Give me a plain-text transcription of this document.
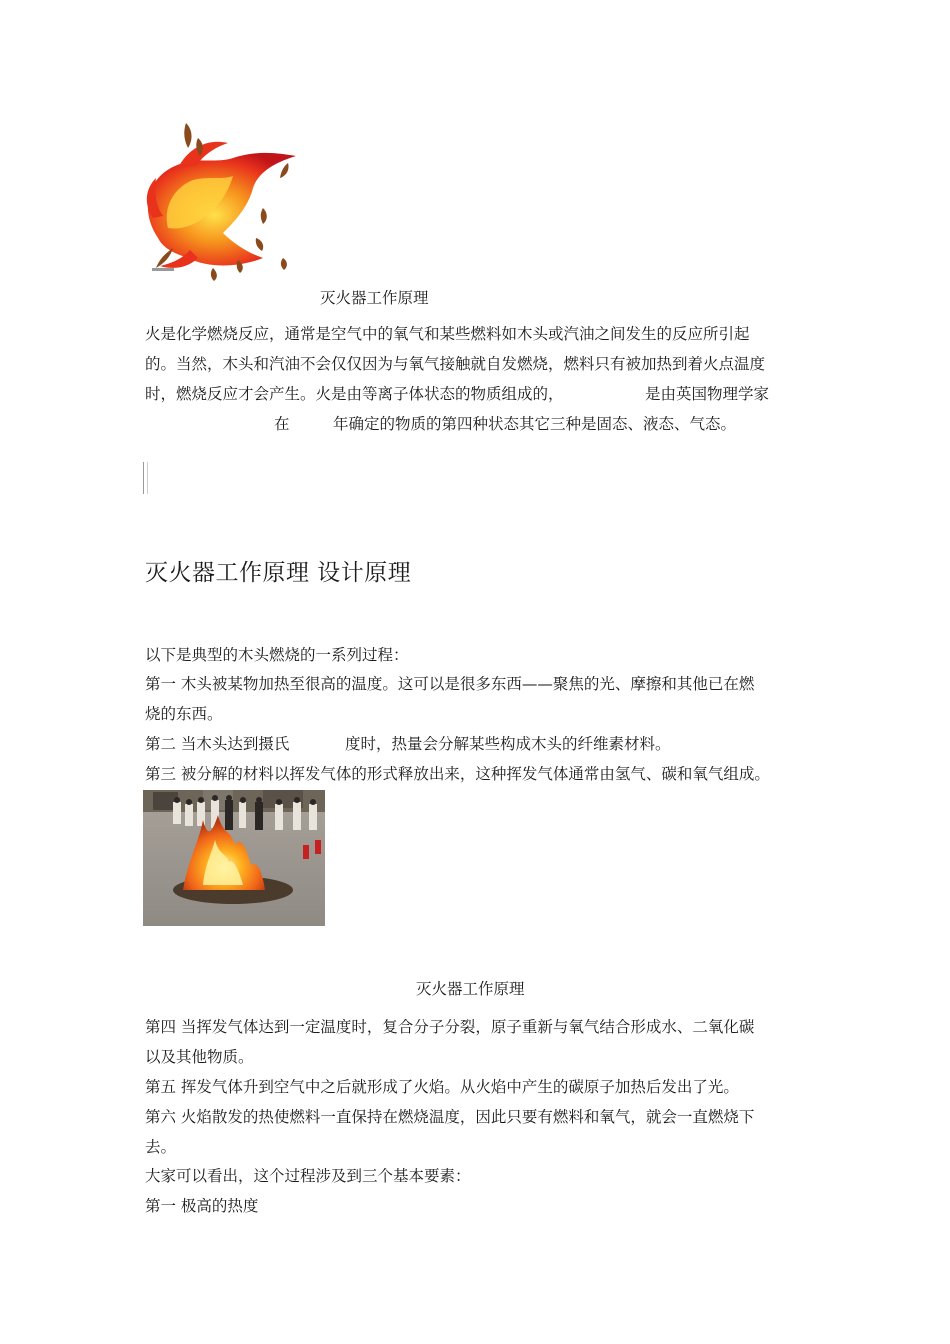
灭火器工作原理
火是化学燃烧反应，通常是空气中的氧气和某些燃料如木头或汽油之间发生的反应所引起
的。当然，木头和汽油不会仅仅因为与氧气接触就自发燃烧，燃料只有被加热到着火点温度
时，燃烧反应才会产生。火是由等离子体状态的物质组成的，	是由英国物理学家
在	年确定的物质的第四种状态其它三种是固态、液态、气态。
灭火器工作原理 设计原理
以下是典型的木头燃烧的一系列过程：
第一 木头被某物加热至很高的温度。这可以是很多东西——聚焦的光、摩擦和其他已在燃
烧的东西。
第二 当木头达到摄氏	度时，热量会分解某些构成木头的纤维素材料。
第三 被分解的材料以挥发气体的形式释放出来，这种挥发气体通常由氢气、碳和氧气组成。
灭火器工作原理
第四 当挥发气体达到一定温度时，复合分子分裂，原子重新与氧气结合形成水、二氧化碳
以及其他物质。
第五 挥发气体升到空气中之后就形成了火焰。从火焰中产生的碳原子加热后发出了光。
第六 火焰散发的热使燃料一直保持在燃烧温度，因此只要有燃料和氧气，就会一直燃烧下
去。
大家可以看出，这个过程涉及到三个基本要素：
第一 极高的热度
